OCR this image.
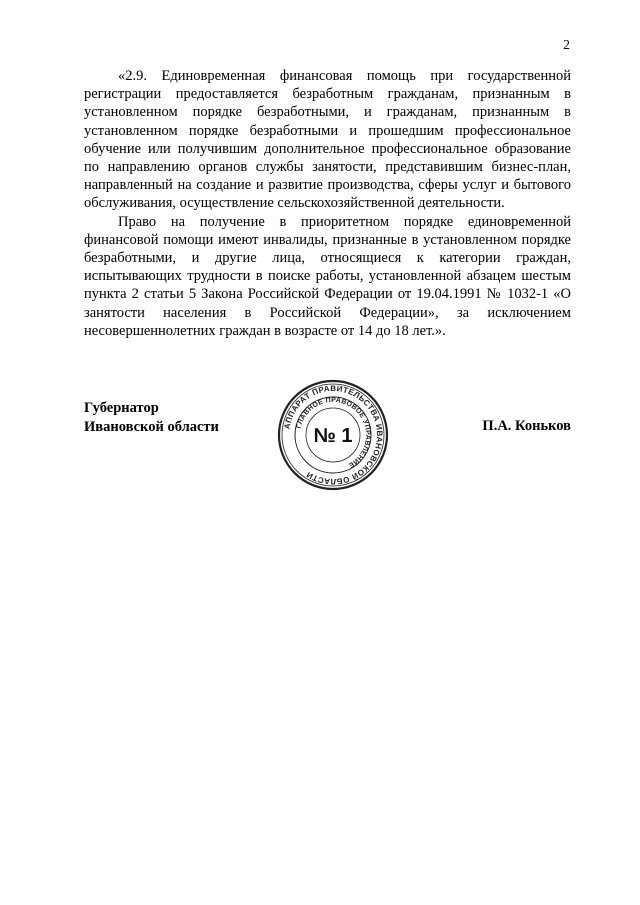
2

«2.9. Единовременная финансовая помощь при государственной регистрации предоставляется безработным гражданам, признанным в установленном порядке безработными, и гражданам, признанным в установленном порядке безработными и прошедшим профессиональное обучение или получившим дополнительное профессиональное образование по направлению органов службы занятости, представившим бизнес-план, направленный на создание и развитие производства, сферы услуг и бытового обслуживания, осуществление сельскохозяйственной деятельности.

Право на получение в приоритетном порядке единовременной финансовой помощи имеют инвалиды, признанные в установленном порядке безработными, и другие лица, относящиеся к категории граждан, испытывающих трудности в поиске работы, установленной абзацем шестым пункта 2 статьи 5 Закона Российской Федерации от 19.04.1991 № 1032-1 «О занятости населения в Российской Федерации», за исключением несовершеннолетних граждан в возрасте от 14 до 18 лет.».

Губернатор
Ивановской области	АППАРАТ ПРАВИТЕЛЬСТВА ИВАНОВСКОЙ ОБЛАСТИ
ГЛАВНОЕ ПРАВОВОЕ УПРАВЛЕНИЕ
№ 1	П.А. Коньков
